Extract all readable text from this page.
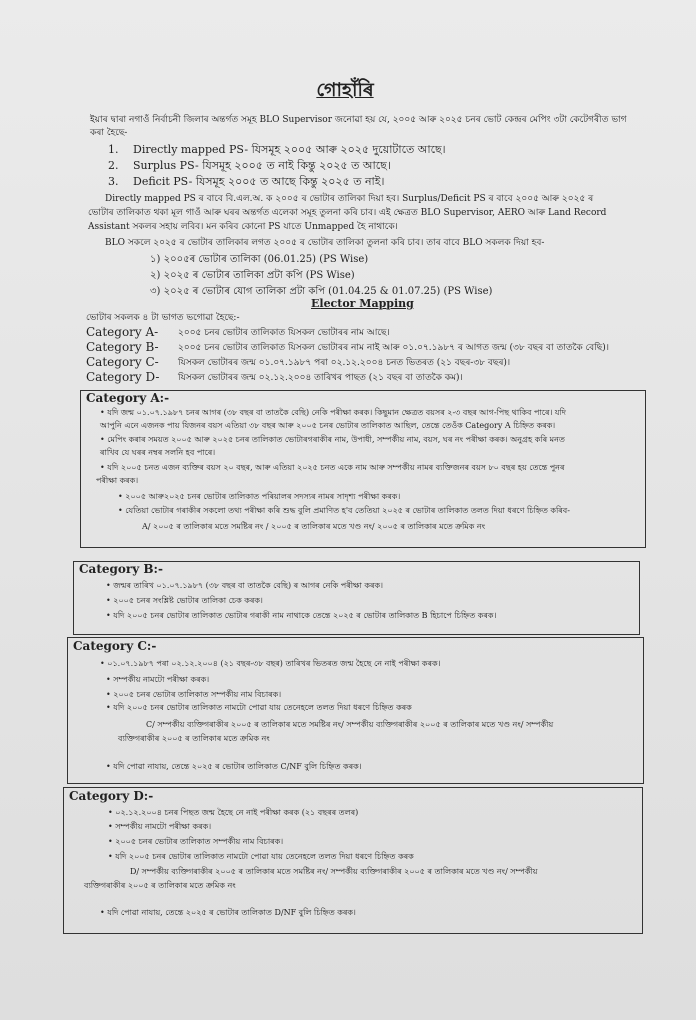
গোহাঁৰি
ইয়াৰ দ্বাৰা নগাওঁ নিৰ্বাচনী জিলাৰ অন্তৰ্গত সমূহ BLO Supervisor জনোৱা হয় যে, ২০০৫ আৰু ২০২৫ চনৰ ভোট কেন্দ্ৰৰ মেপিং ৩টা কেটেগৰীত ভাগ
কৰা হৈছে-
1. Directly mapped PS- যিসমূহ ২০০৫ আৰু ২০২৫ দুয়োটাতে আছে।
2. Surplus PS- যিসমূহ ২০০৫ ত নাই কিন্তু ২০২৫ ত আছে।
3. Deficit PS- যিসমূহ ২০০৫ ত আছে কিন্তু ২০২৫ ত নাই।
Directly mapped PS ৰ বাবে বি.এল.অ. ক ২০০৫ ৰ ভোটাৰ তালিকা দিয়া হব। Surplus/Deficit PS ৰ বাবে ২০০৫ আৰু ২০২৫ ৰ
ভোটাৰ তালিকাত থকা মূল গাওঁ আৰু ঘৰৰ অন্তৰ্গত এলেকা সমূহ তুলনা কৰি চাব। এই ক্ষেত্ৰত BLO Supervisor, AERO আৰু Land Record
Assistant সকলৰ সহায় লবিব। মন কৰিব কোনো PS যাতে Unmapped হৈ নাথাকে।
BLO সকলে ২০২৫ ৰ ভোটাৰ তালিকাৰ লগত ২০০৫ ৰ ভোটাৰ তালিকা তুলনা কৰি চাব। তাৰ বাবে BLO সকলক দিয়া হব-
১) ২০০৫ৰ ভোটাৰ তালিকা (06.01.25) (PS Wise)
২) ২০২৫ ৰ ভোটাৰ তালিকা প্ৰটা কপি (PS Wise)
৩) ২০২৫ ৰ ভোটাৰ যোগ তালিকা প্ৰটা কপি (01.04.25 & 01.07.25) (PS Wise)
Elector Mapping
ভোটাৰ সকলক ৪ টা ভাগত ভগোৱা হৈছে:-
Category A- ২০০৫ চনৰ ভোটাৰ তালিকাত যিসকল ভোটাৰৰ নাম আছে।
Category B- ২০০৫ চনৰ ভোটাৰ তালিকাত যিসকল ভোটাৰৰ নাম নাই আৰু ০১.০৭.১৯৮৭ ৰ আগত জন্ম (৩৮ বছৰ বা তাতকৈ বেছি)।
Category C- যিসকল ভোটাৰৰ জন্ম ০১.০৭.১৯৮৭ পৰা ০২.১২.২০০৪ চনত ভিতৰত (২১ বছৰ-৩৮ বছৰ)।
Category D- যিসকল ভোটাৰৰ জন্ম ০২.১২.২০০৪ তাৰিখৰ পাছত (২১ বছৰ বা তাতকৈ কম)।
Category A:-
• যদি জন্ম ০১.০৭.১৯৮৭ চনৰ আগৰ (৩৮ বছৰ বা তাতকৈ বেছি) নেকি পৰীক্ষা কৰক। কিছুমান ক্ষেত্ৰত বয়সৰ ২-৩ বছৰ আগ-পিছ থাকিব পাৰে। যদি
আপুনি এনে এজনক পায় যিজনৰ বয়স এতিয়া ৩৮ বছৰ আৰু ২০০৫ চনৰ ভোটাৰ তালিকাত আছিল, তেন্তে তেওঁক Category A চিহ্নিত কৰক।
• মেপিং কৰাৰ সময়ত ২০০৫ আৰু ২০২৫ চনৰ তালিকাত ভোটাৰগৰাকীৰ নাম, উপাধী, সম্পৰ্কীয় নাম, বয়স, ঘৰ নং পৰীক্ষা কৰক। অনুগ্ৰহ কৰি মনত
ৰাখিব যে ঘৰৰ নম্বৰ সলনি হব পাৰে।
• যদি ২০০৫ চনত এজন ব্যক্তিৰ বয়স ২০ বছৰ, আৰু এতিয়া ২০২৫ চনত একে নাম আৰু সম্পৰ্কীয় নামৰ ব্যক্তিজনৰ বয়স ৮০ বছৰ হয় তেন্তে পুনৰ
পৰীক্ষা কৰক।
• ২০০৫ আৰু২০২৫ চনৰ ভোটাৰ তালিকাত পৰিয়ালৰ সদস্যৰ নামৰ সাদৃশ্য পৰীক্ষা কৰক।
• যেতিয়া ভোটাৰ গৰাকীৰ সকলো তথ্য পৰীক্ষা কৰি শুদ্ধ বুলি প্ৰমাণিত হ'ব তেতিয়া ২০২৫ ৰ ভোটাৰ তালিকাত তলত দিয়া ধৰণে চিহ্নিত কৰিব-
A/ ২০০৫ ৰ তালিকাৰ মতে সমষ্টিৰ নং / ২০০৫ ৰ তালিকাৰ মতে খণ্ড নং/ ২০০৫ ৰ তালিকাৰ মতে ক্ৰমিক নং
Category B:-
• জন্মৰ তাৰিখ ০১.০৭.১৯৮৭ (৩৮ বছৰ বা তাতকৈ বেছি) ৰ আগৰ নেকি পৰীক্ষা কৰক।
• ২০০৫ চনৰ সংশ্লিষ্ট ভোটাৰ তালিকা চেক কৰক।
• যদি ২০০৫ চনৰ ভোটাৰ তালিকাত ভোটাৰ গৰাকী নাম নাথাকে তেন্তে ২০২৫ ৰ ভোটাৰ তালিকাত B হিচাপে চিহ্নিত কৰক।
Category C:-
• ০১.০৭.১৯৮৭ পৰা ০২.১২.২০০৪ (২১ বছৰ-৩৮ বছৰ) তাৰিখৰ ভিতৰত জন্ম হৈছে নে নাই পৰীক্ষা কৰক।
• সম্পৰ্কীয় নামটো পৰীক্ষা কৰক।
• ২০০৫ চনৰ ভোটাৰ তালিকাত সম্পৰ্কীয় নাম বিচাৰক।
• যদি ২০০৫ চনৰ ভোটাৰ তালিকাত নামটো পোৱা যায় তেনেহলে তলত দিয়া ধৰণে চিহ্নিত কৰক
C/ সম্পৰ্কীয় ব্যক্তিগৰাকীৰ ২০০৫ ৰ তালিকাৰ মতে সমষ্টিৰ নং/ সম্পৰ্কীয় ব্যক্তিগৰাকীৰ ২০০৫ ৰ তালিকাৰ মতে খণ্ড নং/ সম্পৰ্কীয়
ব্যক্তিগৰাকীৰ ২০০৫ ৰ তালিকাৰ মতে ক্ৰমিক নং
• যদি পোৱা নাযায়, তেন্তে ২০২৫ ৰ ভোটাৰ তালিকাত C/NF বুলি চিহ্নিত কৰক।
Category D:-
• ০২.১২.২০০৪ চনৰ পিছত জন্ম হৈছে নে নাই পৰীক্ষা কৰক (২১ বছৰৰ তলৰ)
• সম্পৰ্কীয় নামটো পৰীক্ষা কৰক।
• ২০০৫ চনৰ ভোটাৰ তালিকাত সম্পৰ্কীয় নাম বিচাৰক।
• যদি ২০০৫ চনৰ ভোটাৰ তালিকাত নামটো পোৱা যায় তেনেহলে তলত দিয়া ধৰণে চিহ্নিত কৰক
D/ সম্পৰ্কীয় ব্যক্তিগৰাকীৰ ২০০৫ ৰ তালিকাৰ মতে সমষ্টিৰ নং/ সম্পৰ্কীয় ব্যক্তিগৰাকীৰ ২০০৫ ৰ তালিকাৰ মতে খণ্ড নং/ সম্পৰ্কীয়
ব্যক্তিগৰাকীৰ ২০০৫ ৰ তালিকাৰ মতে ক্ৰমিক নং
• যদি পোৱা নাযায়, তেন্তে ২০২৫ ৰ ভোটাৰ তালিকাত D/NF বুলি চিহ্নিত কৰক।
